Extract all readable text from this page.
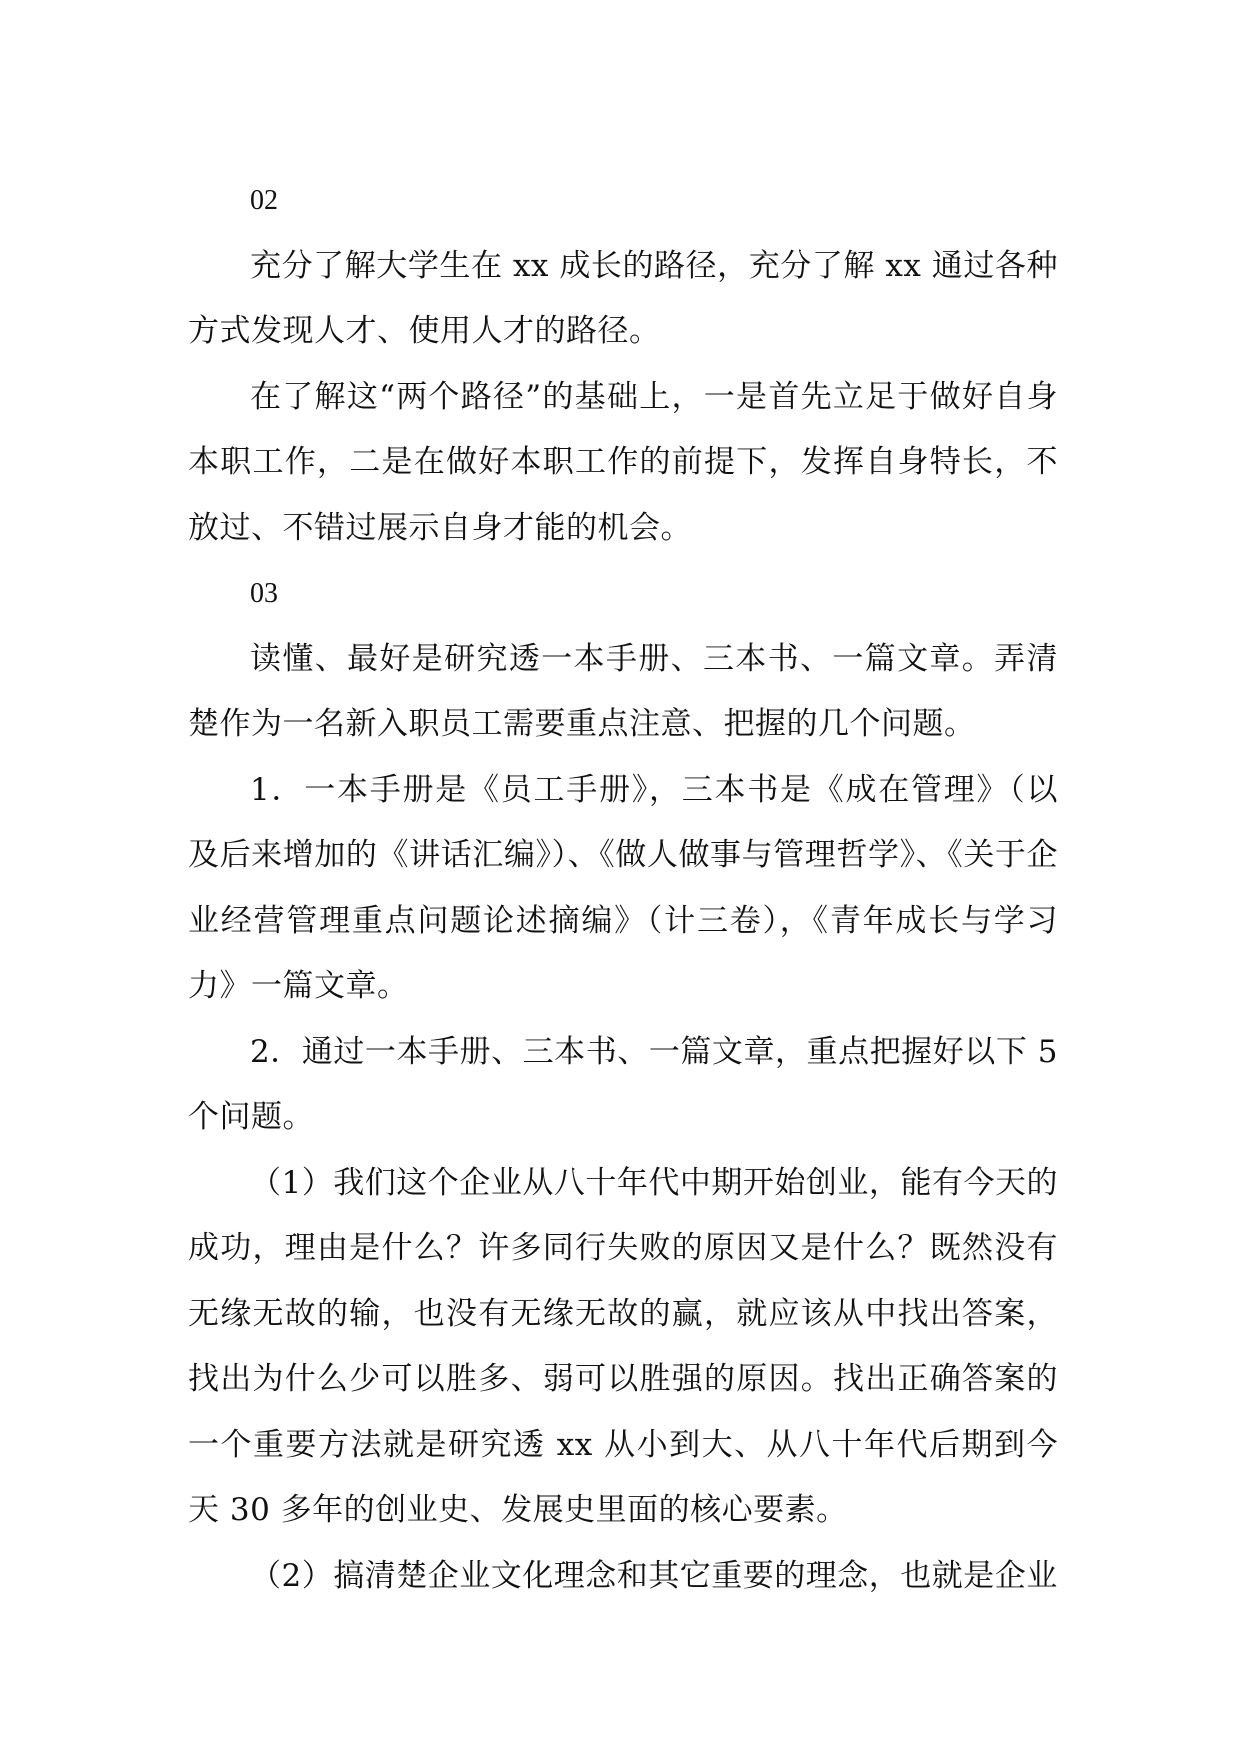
02

充分了解大学生在 xx 成长的路径，充分了解 xx 通过各种方式发现人才、使用人才的路径。

在了解这“两个路径”的基础上，一是首先立足于做好自身本职工作，二是在做好本职工作的前提下，发挥自身特长，不放过、不错过展示自身才能的机会。

03

读懂、最好是研究透一本手册、三本书、一篇文章。弄清楚作为一名新入职员工需要重点注意、把握的几个问题。

1．一本手册是《员工手册》，三本书是《成在管理》（以及后来增加的《讲话汇编》）、《做人做事与管理哲学》、《关于企业经营管理重点问题论述摘编》（计三卷），《青年成长与学习力》一篇文章。

2．通过一本手册、三本书、一篇文章，重点把握好以下 5 个问题。

（1）我们这个企业从八十年代中期开始创业，能有今天的成功，理由是什么？许多同行失败的原因又是什么？既然没有无缘无故的输，也没有无缘无故的赢，就应该从中找出答案，找出为什么少可以胜多、弱可以胜强的原因。找出正确答案的一个重要方法就是研究透 xx 从小到大、从八十年代后期到今天 30 多年的创业史、发展史里面的核心要素。

（2）搞清楚企业文化理念和其它重要的理念，也就是企业
